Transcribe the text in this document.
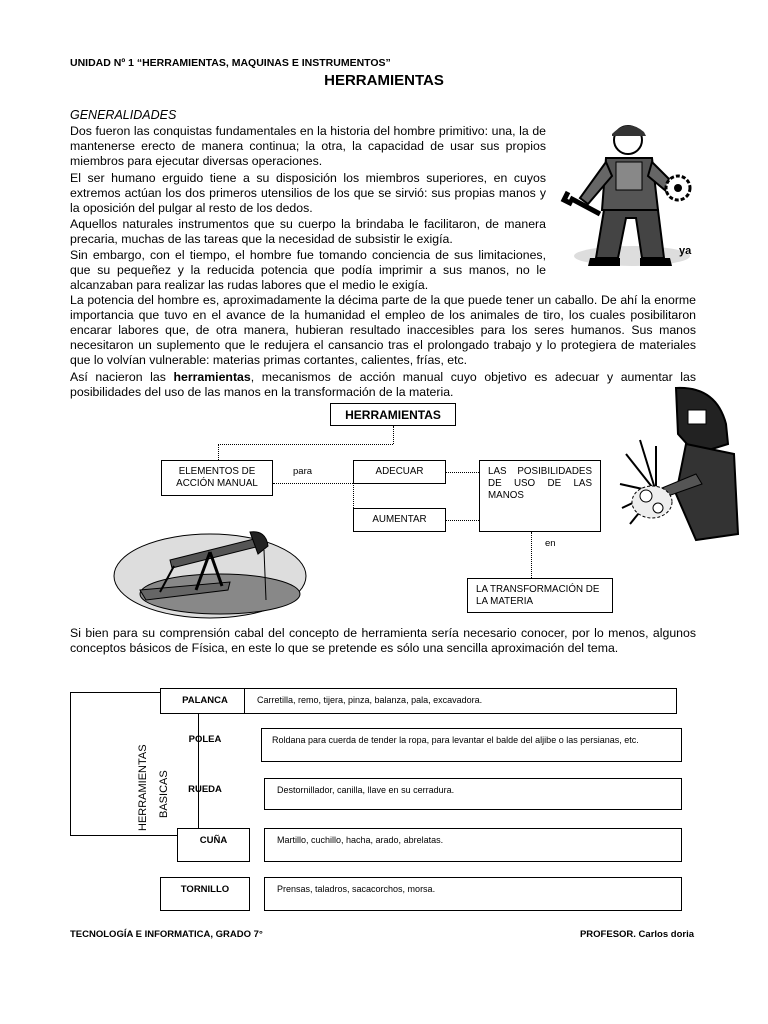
UNIDAD Nº 1 “HERRAMIENTAS, MAQUINAS E INSTRUMENTOS”
HERRAMIENTAS
GENERALIDADES
Dos fueron las conquistas fundamentales en la historia del hombre primitivo: una, la de mantenerse erecto de manera continua; la otra, la capacidad de usar sus propios miembros para ejecutar diversas operaciones.
El ser humano erguido tiene a su disposición los miembros superiores, en cuyos extremos actúan los dos primeros utensilios de los que se sirvió: sus propias manos y la oposición del pulgar al resto de los dedos.
Aquellos naturales instrumentos que su cuerpo la brindaba le facilitaron, de manera precaria, muchas de las tareas que la necesidad de subsistir le exigía.
Sin embargo, con el tiempo, el hombre fue tomando conciencia de sus limitaciones, que su pequeñez y la reducida potencia que podía imprimir a sus manos, no le alcanzaban para realizar las rudas labores que el medio le exigía.
La potencia del hombre es, aproximadamente la décima parte de la que puede tener un caballo. De ahí la enorme importancia que tuvo en el avance de la humanidad el empleo de los animales de tiro, los cuales posibilitaron encarar labores que, de otra manera, hubieran resultado inaccesibles para los seres humanos. Sus manos necesitaron un suplemento que le redujera el cansancio tras el prolongado trabajo y lo protegiera de materiales que lo volvían vulnerable: materias primas cortantes, calientes, frías, etc.
Así nacieron las herramientas, mecanismos de acción manual cuyo objetivo es adecuar y aumentar las posibilidades del uso de las manos en la transformación de la materia.
ya
HERRAMIENTAS
ELEMENTOS DE ACCIÓN MANUAL
para	ADECUAR
AUMENTAR
LAS POSIBILIDADES DE USO DE LAS MANOS
en
LA TRANSFORMACIÓN DE LA MATERIA
Si bien para su comprensión cabal del concepto de herramienta sería necesario conocer, por lo menos, algunos conceptos básicos de Física, en este lo que se pretende es sólo una sencilla aproximación del tema.
HERRAMIENTAS BASICAS
PALANCA	Carretilla, remo, tijera, pinza, balanza, pala, excavadora.
POLEA	Roldana para cuerda de tender la ropa, para levantar el balde del aljibe o las persianas, etc.
RUEDA	Destornillador, canilla, llave en su cerradura.
CUÑA	Martillo, cuchillo, hacha, arado, abrelatas.
TORNILLO	Prensas, taladros, sacacorchos, morsa.
TECNOLOGÍA E INFORMATICA, GRADO 7°	PROFESOR. Carlos doria
